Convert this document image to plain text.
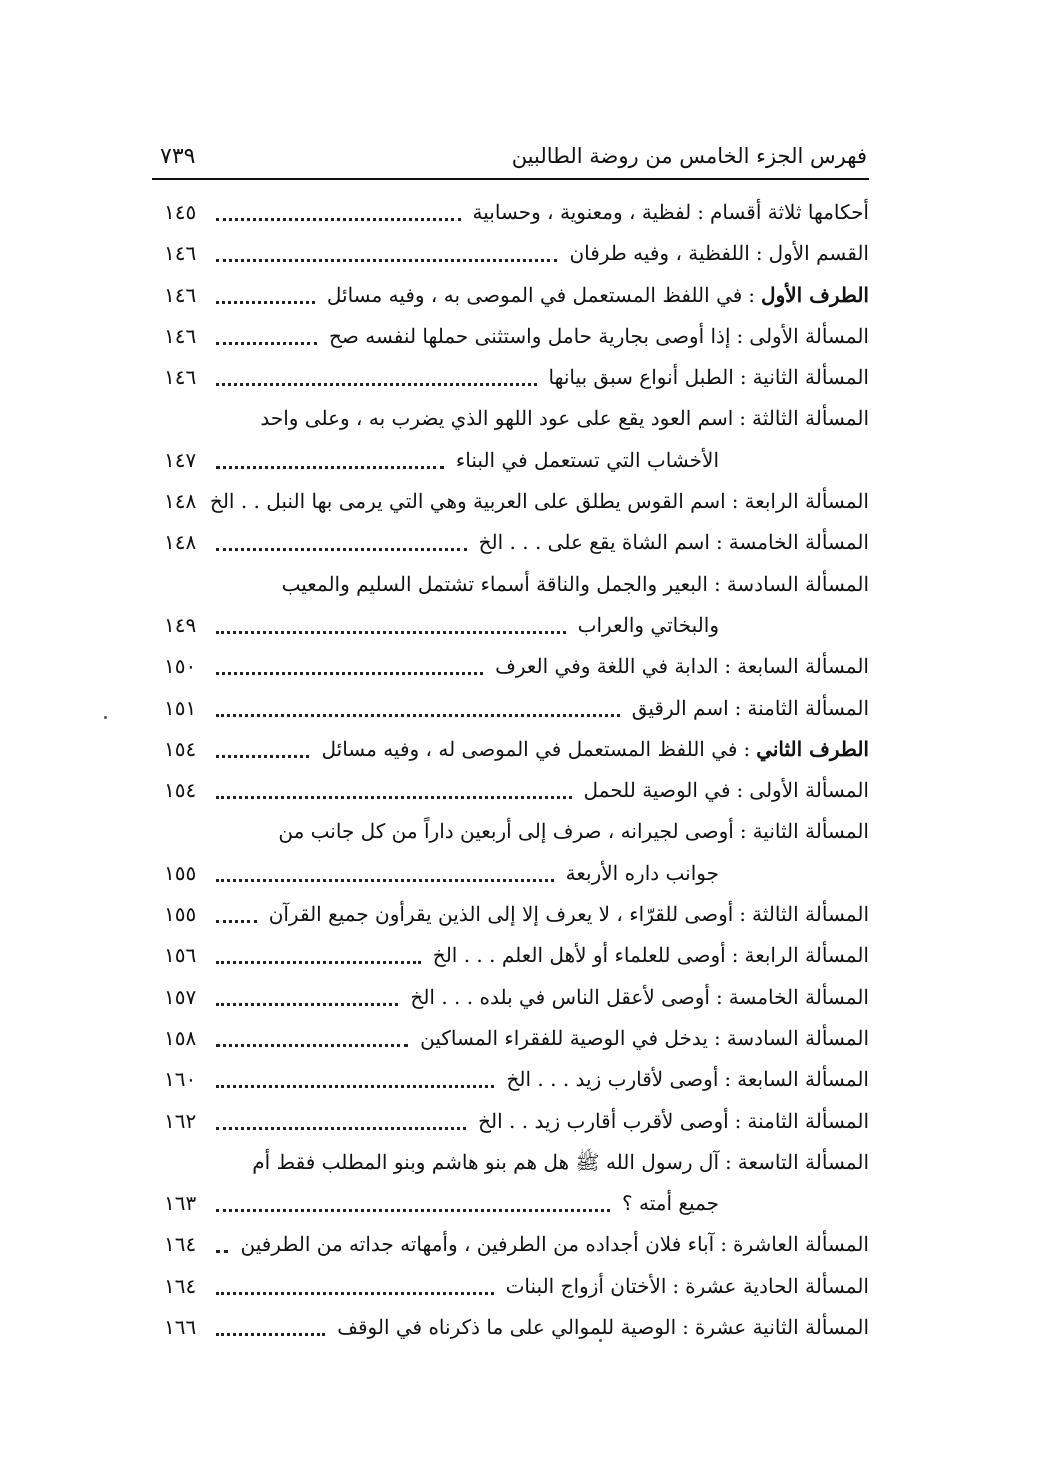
فهرس الجزء الخامس من روضة الطالبين
٧٣٩
أحكامها ثلاثة أقسام:لفظية ، ومعنوية ، وحسابية
١٤٥
القسم الأول:اللفظية ، وفيه طرفان
١٤٦
الطرف الأول:في اللفظ المستعمل في الموصى به ، وفيه مسائل
١٤٦
المسألة الأولى:إذا أوصى بجارية حامل واستثنى حملها لنفسه صح
١٤٦
المسألة الثانية:الطبل أنواع سبق بيانها
١٤٦
المسألة الثالثة:اسم العود يقع على عود اللهو الذي يضرب به ، وعلى واحد
الأخشاب التي تستعمل في البناء
١٤٧
المسألة الرابعة:اسم القوس يطلق على العربية وهي التي يرمى بها النبل . . الخ
١٤٨
المسألة الخامسة:اسم الشاة يقع على . . . الخ
١٤٨
المسألة السادسة:البعير والجمل والناقة أسماء تشتمل السليم والمعيب
والبخاتي والعراب
١٤٩
المسألة السابعة:الدابة في اللغة وفي العرف
١٥٠
المسألة الثامنة:اسم الرقيق
١٥١
الطرف الثاني:في اللفظ المستعمل في الموصى له ، وفيه مسائل
١٥٤
المسألة الأولى:في الوصية للحمل
١٥٤
المسألة الثانية:أوصى لجيرانه ، صرف إلى أربعين داراً من كل جانب من
جوانب داره الأربعة
١٥٥
المسألة الثالثة:أوصى للقرّاء ، لا يعرف إلا إلى الذين يقرأون جميع القرآن
١٥٥
المسألة الرابعة:أوصى للعلماء أو لأهل العلم . . . الخ
١٥٦
المسألة الخامسة:أوصى لأعقل الناس في بلده . . . الخ
١٥٧
المسألة السادسة:يدخل في الوصية للفقراء المساكين
١٥٨
المسألة السابعة:أوصى لأقارب زيد . . . الخ
١٦٠
المسألة الثامنة:أوصى لأقرب أقارب زيد . . الخ
١٦٢
المسألة التاسعة:آل رسول الله ﷺ هل هم بنو هاشم وبنو المطلب فقط أم
جميع أمته ؟
١٦٣
المسألة العاشرة:آباء فلان أجداده من الطرفين ، وأمهاته جداته من الطرفين
١٦٤
المسألة الحادية عشرة:الأختان أزواج البنات
١٦٤
المسألة الثانية عشرة:الوصية للموالي على ما ذكرناه في الوقف
١٦٦
